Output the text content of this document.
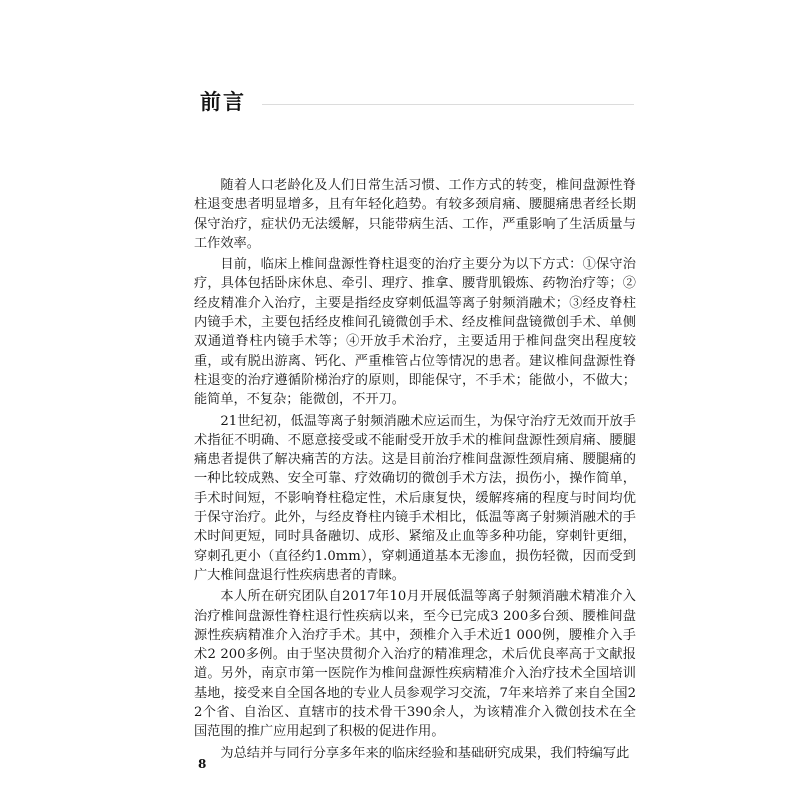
前言

随着人口老龄化及人们日常生活习惯、工作方式的转变，椎间盘源性脊柱退变患者明显增多，且有年轻化趋势。有较多颈肩痛、腰腿痛患者经长期保守治疗，症状仍无法缓解，只能带病生活、工作，严重影响了生活质量与工作效率。

目前，临床上椎间盘源性脊柱退变的治疗主要分为以下方式：①保守治疗，具体包括卧床休息、牵引、理疗、推拿、腰背肌锻炼、药物治疗等；②经皮精准介入治疗，主要是指经皮穿刺低温等离子射频消融术；③经皮脊柱内镜手术，主要包括经皮椎间孔镜微创手术、经皮椎间盘镜微创手术、单侧双通道脊柱内镜手术等；④开放手术治疗，主要适用于椎间盘突出程度较重，或有脱出游离、钙化、严重椎管占位等情况的患者。建议椎间盘源性脊柱退变的治疗遵循阶梯治疗的原则，即能保守，不手术；能做小，不做大；能简单，不复杂；能微创，不开刀。

21世纪初，低温等离子射频消融术应运而生，为保守治疗无效而开放手术指征不明确、不愿意接受或不能耐受开放手术的椎间盘源性颈肩痛、腰腿痛患者提供了解决痛苦的方法。这是目前治疗椎间盘源性颈肩痛、腰腿痛的一种比较成熟、安全可靠、疗效确切的微创手术方法，损伤小，操作简单，手术时间短，不影响脊柱稳定性，术后康复快，缓解疼痛的程度与时间均优于保守治疗。此外，与经皮脊柱内镜手术相比，低温等离子射频消融术的手术时间更短，同时具备融切、成形、紧缩及止血等多种功能，穿刺针更细，穿刺孔更小（直径约1.0mm），穿刺通道基本无渗血，损伤轻微，因而受到广大椎间盘退行性疾病患者的青睐。

本人所在研究团队自2017年10月开展低温等离子射频消融术精准介入治疗椎间盘源性脊柱退行性疾病以来，至今已完成3 200多台颈、腰椎间盘源性疾病精准介入治疗手术。其中，颈椎介入手术近1 000例，腰椎介入手术2 200多例。由于坚决贯彻介入治疗的精准理念，术后优良率高于文献报道。另外，南京市第一医院作为椎间盘源性疾病精准介入治疗技术全国培训基地，接受来自全国各地的专业人员参观学习交流，7年来培养了来自全国22个省、自治区、直辖市的技术骨干390余人，为该精准介入微创技术在全国范围的推广应用起到了积极的促进作用。

为总结并与同行分享多年来的临床经验和基础研究成果，我们特编写此

8
